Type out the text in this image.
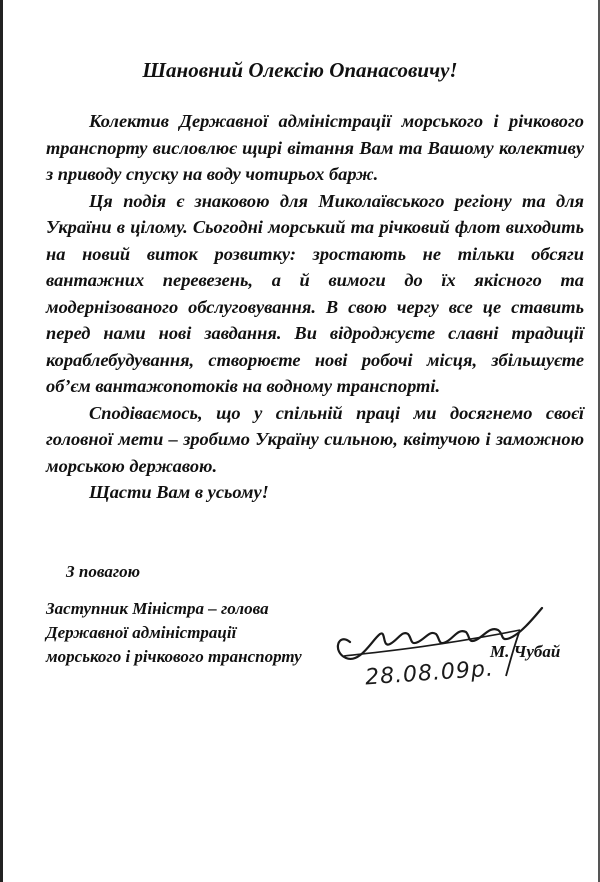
Шановний Олексію Опанасовичу!

Колектив Державної адміністрації морського і річкового транспорту висловлює щирі вітання Вам та Вашому колективу з приводу спуску на воду чотирьох барж.

Ця подія є знаковою для Миколаївського регіону та для України в цілому. Сьогодні морський та річковий флот виходить на новий виток розвитку: зростають не тільки обсяги вантажних перевезень, а й вимоги до їх якісного та модернізованого обслуговування. В свою чергу все це ставить перед нами нові завдання. Ви відроджуєте славні традиції кораблебудування, створюєте нові робочі місця, збільшуєте об’єм вантажопотоків на водному транспорті.

Сподіваємось, що у спільній праці ми досягнемо своєї головної мети – зробимо Україну сильною, квітучою і заможною морською державою.

Щасти Вам в усьому!

З повагою
Заступник Міністра – голова
Державної адміністрації
морського і річкового транспорту
28.08.09р.
М. Чубай
